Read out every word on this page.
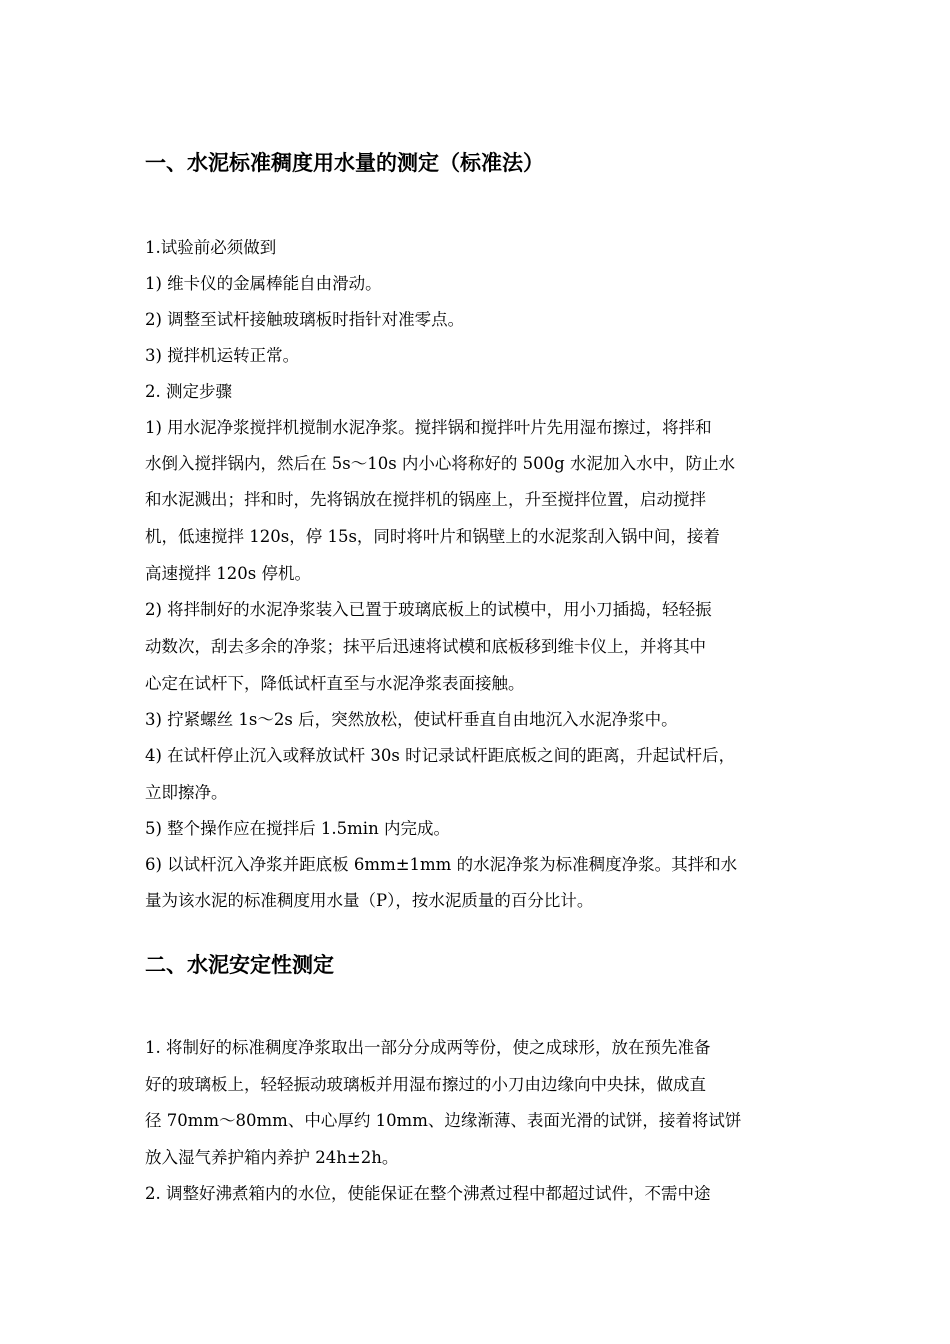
一、水泥标准稠度用水量的测定（标准法）
1.试验前必须做到
1) 维卡仪的金属棒能自由滑动。
2) 调整至试杆接触玻璃板时指针对准零点。
3) 搅拌机运转正常。
2. 测定步骤
1) 用水泥净浆搅拌机搅制水泥净浆。搅拌锅和搅拌叶片先用湿布擦过，将拌和
水倒入搅拌锅内，然后在 5s～10s 内小心将称好的 500g 水泥加入水中，防止水
和水泥溅出；拌和时，先将锅放在搅拌机的锅座上，升至搅拌位置，启动搅拌
机，低速搅拌 120s，停 15s，同时将叶片和锅壁上的水泥浆刮入锅中间，接着
高速搅拌 120s 停机。
2) 将拌制好的水泥净浆装入已置于玻璃底板上的试模中，用小刀插捣，轻轻振
动数次，刮去多余的净浆；抹平后迅速将试模和底板移到维卡仪上，并将其中
心定在试杆下，降低试杆直至与水泥净浆表面接触。
3) 拧紧螺丝 1s～2s 后，突然放松，使试杆垂直自由地沉入水泥净浆中。
4) 在试杆停止沉入或释放试杆 30s 时记录试杆距底板之间的距离，升起试杆后，
立即擦净。
5) 整个操作应在搅拌后 1.5min 内完成。
6) 以试杆沉入净浆并距底板 6mm±1mm 的水泥净浆为标准稠度净浆。其拌和水
量为该水泥的标准稠度用水量（P），按水泥质量的百分比计。
二、水泥安定性测定
1. 将制好的标准稠度净浆取出一部分分成两等份，使之成球形，放在预先准备
好的玻璃板上，轻轻振动玻璃板并用湿布擦过的小刀由边缘向中央抹，做成直
径 70mm～80mm、中心厚约 10mm、边缘渐薄、表面光滑的试饼，接着将试饼
放入湿气养护箱内养护 24h±2h。
2. 调整好沸煮箱内的水位，使能保证在整个沸煮过程中都超过试件，不需中途
